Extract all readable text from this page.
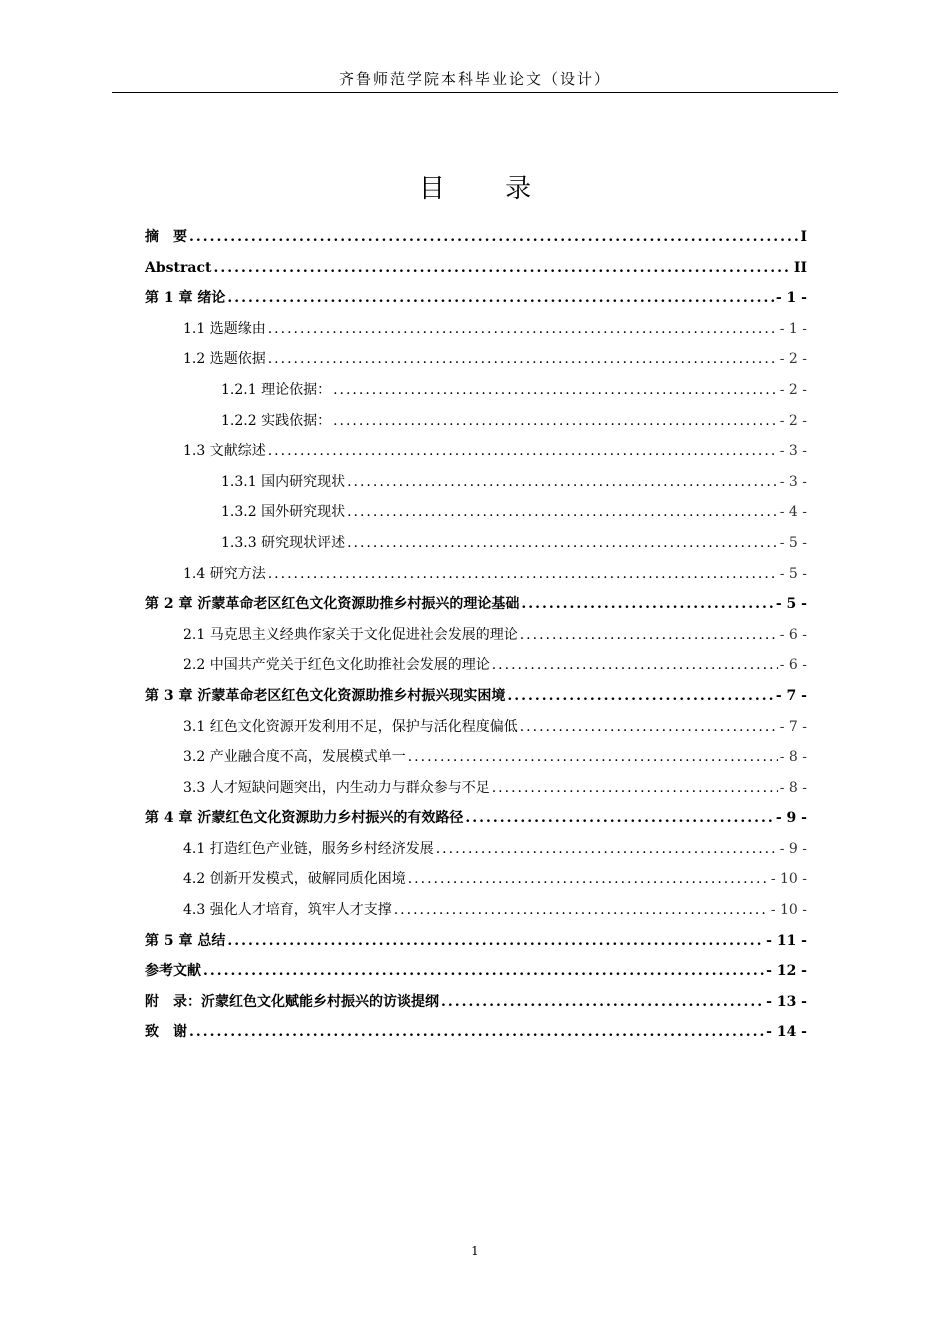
齐鲁师范学院本科毕业论文（设计）
目 录
摘　要 .....	I
Abstract .....	II
第 1 章 绪论 .....	- 1 -
1.1 选题缘由 .....	- 1 -
1.2 选题依据 .....	- 2 -
1.2.1 理论依据： .....	- 2 -
1.2.2 实践依据： .....	- 2 -
1.3 文献综述 .....	- 3 -
1.3.1 国内研究现状 .....	- 3 -
1.3.2 国外研究现状 .....	- 4 -
1.3.3 研究现状评述 .....	- 5 -
1.4 研究方法 .....	- 5 -
第 2 章 沂蒙革命老区红色文化资源助推乡村振兴的理论基础 .....	- 5 -
2.1 马克思主义经典作家关于文化促进社会发展的理论 .....	- 6 -
2.2 中国共产党关于红色文化助推社会发展的理论 .....	- 6 -
第 3 章 沂蒙革命老区红色文化资源助推乡村振兴现实困境 .....	- 7 -
3.1 红色文化资源开发利用不足，保护与活化程度偏低 .....	- 7 -
3.2 产业融合度不高，发展模式单一 .....	- 8 -
3.3 人才短缺问题突出，内生动力与群众参与不足 .....	- 8 -
第 4 章 沂蒙红色文化资源助力乡村振兴的有效路径 .....	- 9 -
4.1 打造红色产业链，服务乡村经济发展 .....	- 9 -
4.2 创新开发模式，破解同质化困境 .....	- 10 -
4.3 强化人才培育，筑牢人才支撑 .....	- 10 -
第 5 章 总结 .....	- 11 -
参考文献 .....	- 12 -
附　录：沂蒙红色文化赋能乡村振兴的访谈提纲 .....	- 13 -
致　谢 .....	- 14 -
1
